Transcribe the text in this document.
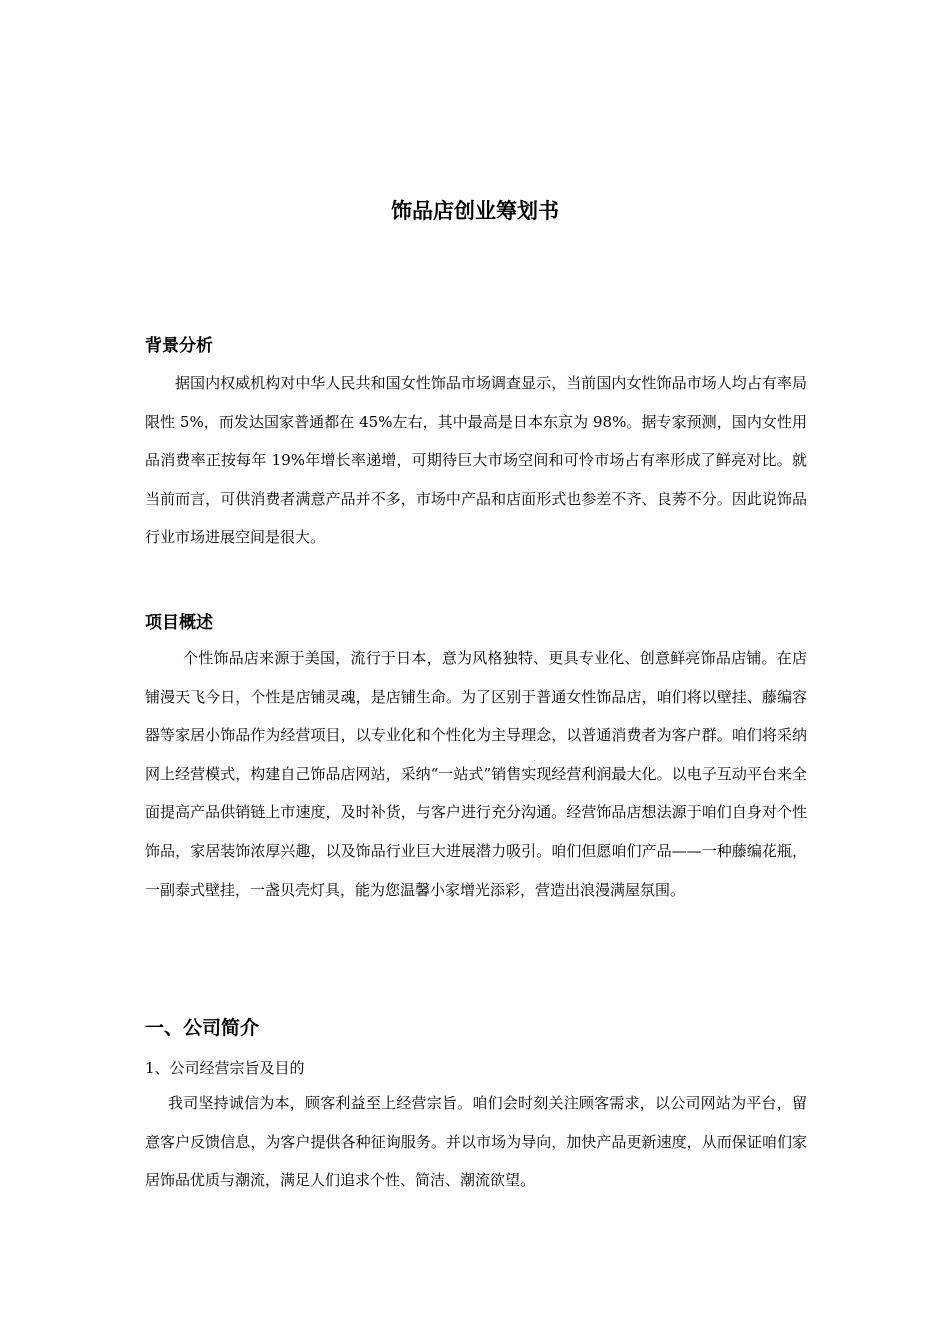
饰品店创业筹划书
背景分析

据国内权威机构对中华人民共和国女性饰品市场调查显示，当前国内女性饰品市场人均占有率局限性 5%，而发达国家普通都在 45%左右，其中最高是日本东京为 98%。据专家预测，国内女性用品消费率正按每年 19%年增长率递增，可期待巨大市场空间和可怜市场占有率形成了鲜亮对比。就当前而言，可供消费者满意产品并不多，市场中产品和店面形式也参差不齐、良莠不分。因此说饰品行业市场进展空间是很大。

项目概述

个性饰品店来源于美国，流行于日本，意为风格独特、更具专业化、创意鲜亮饰品店铺。在店铺漫天飞今日，个性是店铺灵魂，是店铺生命。为了区别于普通女性饰品店，咱们将以壁挂、藤编容器等家居小饰品作为经营项目，以专业化和个性化为主导理念，以普通消费者为客户群。咱们将采纳网上经营模式，构建自己饰品店网站，采纳“一站式”销售实现经营利润最大化。以电子互动平台来全面提高产品供销链上市速度，及时补货，与客户进行充分沟通。经营饰品店想法源于咱们自身对个性饰品，家居装饰浓厚兴趣，以及饰品行业巨大进展潜力吸引。咱们但愿咱们产品——一种藤编花瓶，一副泰式壁挂，一盏贝壳灯具，能为您温馨小家增光添彩，营造出浪漫满屋氛围。

一、公司简介

1、公司经营宗旨及目的

我司坚持诚信为本，顾客利益至上经营宗旨。咱们会时刻关注顾客需求，以公司网站为平台，留意客户反馈信息，为客户提供各种征询服务。并以市场为导向，加快产品更新速度，从而保证咱们家居饰品优质与潮流，满足人们追求个性、简洁、潮流欲望。
